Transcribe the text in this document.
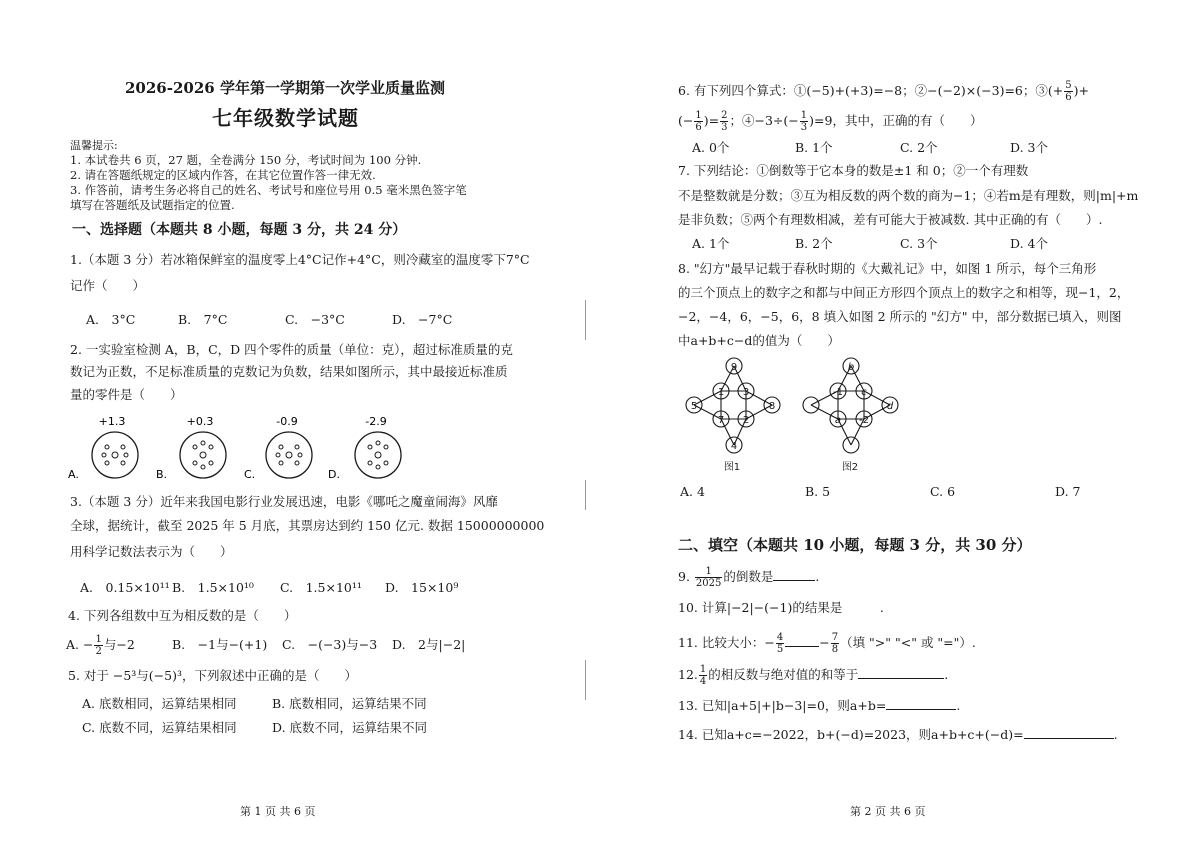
2026-2026 学年第一学期第一次学业质量监测
七年级数学试题
温馨提示:
1. 本试卷共 6 页，27 题，全卷满分 150 分，考试时间为 100 分钟.
2. 请在答题纸规定的区域内作答，在其它位置作答一律无效.
3. 作答前，请考生务必将自己的姓名、考试号和座位号用 0.5 毫米黑色签字笔
填写在答题纸及试题指定的位置.
一、选择题（本题共 8 小题，每题 3 分，共 24 分）
1.（本题 3 分）若冰箱保鲜室的温度零上4°C记作+4°C，则冷藏室的温度零下7°C
记作（　　）
A.　3°C	B.　7°C	C.　−3°C	D.　−7°C
2. 一实验室检测 A，B，C，D 四个零件的质量（单位：克），超过标准质量的克
数记为正数，不足标准质量的克数记为负数，结果如图所示，其中最接近标准质
量的零件是（　　）
+1.3
A.
+0.3
B.
-0.9
C.
-2.9
D.
3.（本题 3 分）近年来我国电影行业发展迅速，电影《哪吒之魔童闹海》风靡
全球，据统计，截至 2025 年 5 月底，其票房达到约 150 亿元. 数据 15000000000
用科学记数法表示为（　　）
A.　0.15×10¹¹ B.　1.5×10¹⁰ C.　1.5×10¹¹ D.　15×10⁹
4. 下列各组数中互为相反数的是（　　）
A. − $\frac{1}{2}$ 与−2	B.　−1与−(+1) C.　−(−3)与−3 D.　2与|−2|
5. 对于 −5³与(−5)³，下列叙述中正确的是（　　）
A. 底数相同，运算结果相同	B. 底数相同，运算结果不同
C. 底数不同，运算结果相同	D. 底数不同，运算结果不同
第 1 页 共 6 页
6. 有下列四个算式：①(−5)+(+3)=−8；②−(−2)×(−3)=6；③(+ $\frac{5}{6}$ )+
(− $\frac{1}{6}$ )= $\frac{2}{3}$ ；④−3÷(− $\frac{1}{3} )=9$，其中，正确的有（　　）
A. 0个	B. 1个	C. 2个	D. 3个
7. 下列结论：①倒数等于它本身的数是±1 和 0；②一个有理数
不是整数就是分数；③互为相反数的两个数的商为−1；④若m是有理数，则|m|+m
是非负数；⑤两个有理数相减，差有可能大于被减数. 其中正确的有（　　）.
A. 1个	B. 2个	C. 3个	D. 4个
8. "幻方"最早记载于春秋时期的《大戴礼记》中，如图 1 所示，每个三角形
的三个顶点上的数字之和都与中间正方形四个顶点上的数字之和相等，现−1，2，
−2，−4，6，−5，6，8 填入如图 2 所示的 "幻方" 中，部分数据已填入，则图
中a+b+c−d的值为（　　）
9
1 3
5	8
7 2
4
图1
b
-1 c
d
a -2
图2
A. 4	B. 5	C. 6	D. 7
二、填空（本题共 10 小题，每题 3 分，共 30 分）
9. $\frac{1}{2025}$ 的倒数是	.
10. 计算|−2|−(−1)的结果是　　　.
11. 比较大小：− $\frac{4}{5}$	− $\frac{7}{8}$ （填 ">" "<" 或 "="）.
12. $\frac{1}{4}$ 的相反数与绝对值的和等于	.
13. 已知|a+5|+|b−3|=0，则a+b=	.
14. 已知a+c=−2022，b+(−d)=2023，则a+b+c+(−d)=	.
第 2 页 共 6 页
